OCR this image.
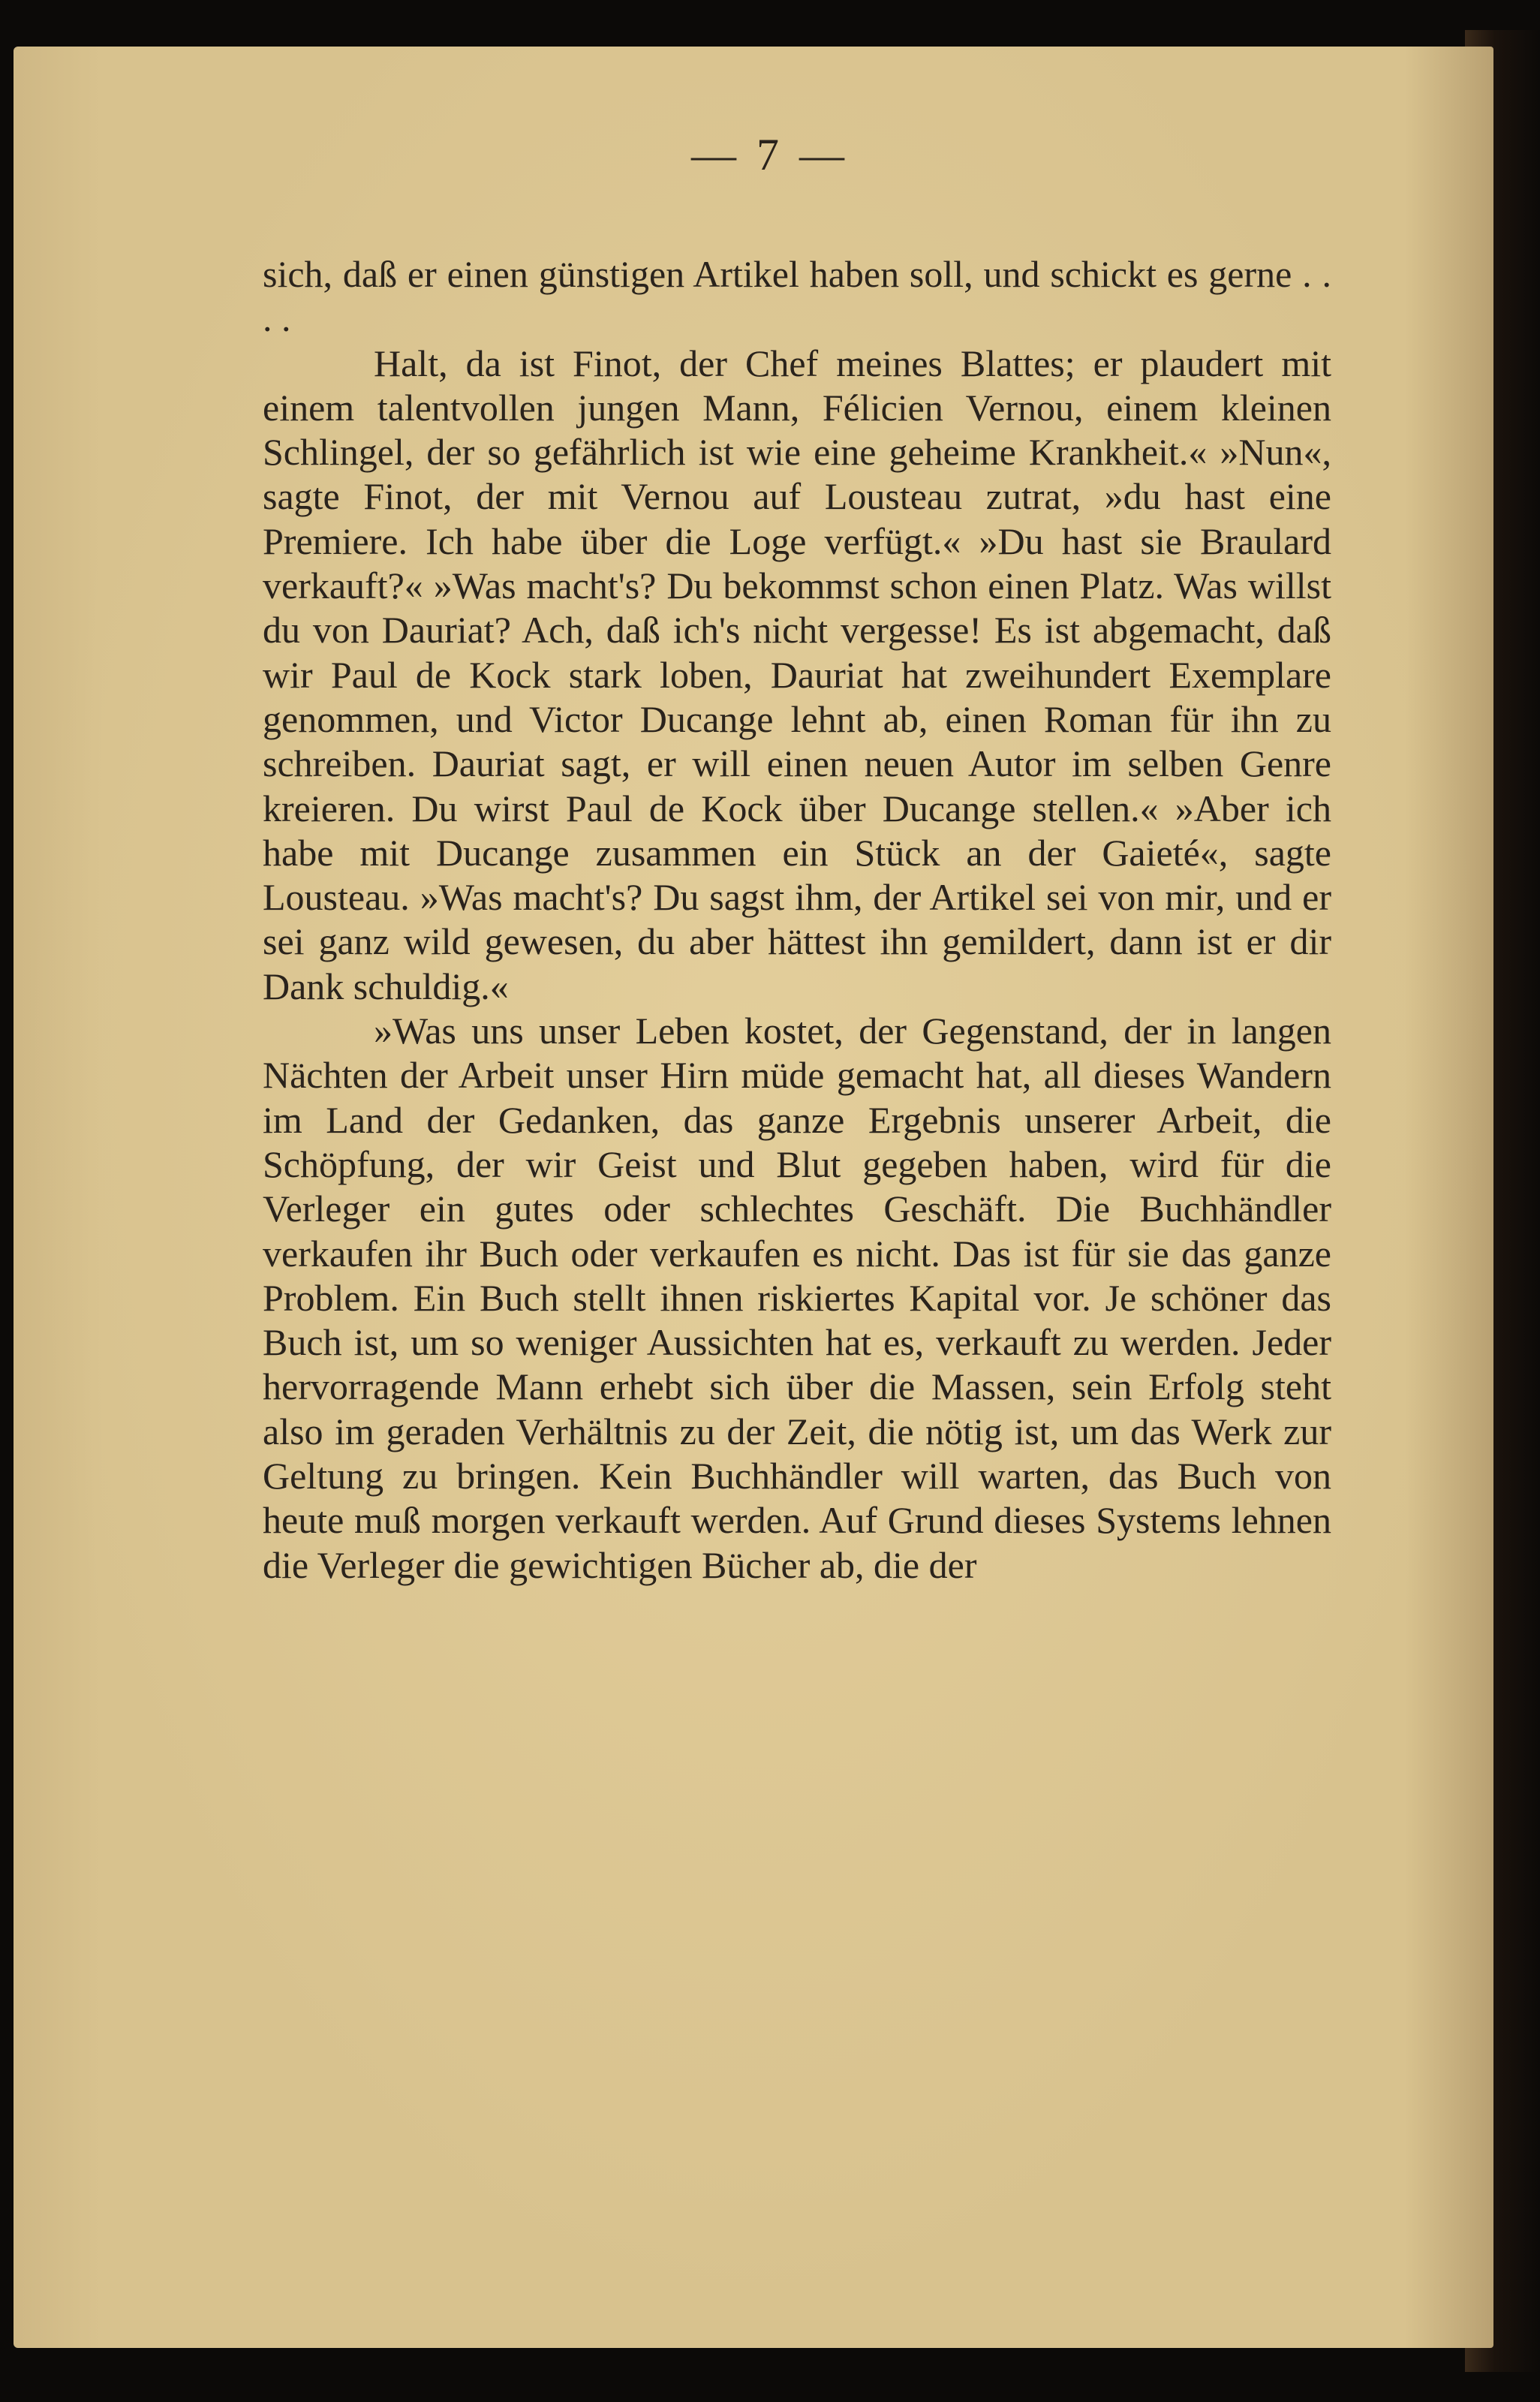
— 7 —

sich, daß er einen günstigen Artikel haben soll, und schickt es gerne . . . .

Halt, da ist Finot, der Chef meines Blattes; er plaudert mit einem talentvollen jungen Mann, Félicien Vernou, einem kleinen Schlingel, der so gefährlich ist wie eine geheime Krankheit.« »Nun«, sagte Finot, der mit Vernou auf Lousteau zutrat, »du hast eine Premiere. Ich habe über die Loge verfügt.« »Du hast sie Braulard verkauft?« »Was macht's? Du bekommst schon einen Platz. Was willst du von Dauriat? Ach, daß ich's nicht vergesse! Es ist abgemacht, daß wir Paul de Kock stark loben, Dauriat hat zweihundert Exemplare genommen, und Victor Ducange lehnt ab, einen Roman für ihn zu schreiben. Dauriat sagt, er will einen neuen Autor im selben Genre kreieren. Du wirst Paul de Kock über Ducange stellen.« »Aber ich habe mit Ducange zusammen ein Stück an der Gaieté«, sagte Lousteau. »Was macht's? Du sagst ihm, der Artikel sei von mir, und er sei ganz wild gewesen, du aber hättest ihn gemildert, dann ist er dir Dank schuldig.«

»Was uns unser Leben kostet, der Gegenstand, der in langen Nächten der Arbeit unser Hirn müde gemacht hat, all dieses Wandern im Land der Gedanken, das ganze Ergebnis unserer Arbeit, die Schöpfung, der wir Geist und Blut gegeben haben, wird für die Verleger ein gutes oder schlechtes Geschäft. Die Buchhändler verkaufen ihr Buch oder verkaufen es nicht. Das ist für sie das ganze Problem. Ein Buch stellt ihnen riskiertes Kapital vor. Je schöner das Buch ist, um so weniger Aussichten hat es, verkauft zu werden. Jeder hervorragende Mann erhebt sich über die Massen, sein Erfolg steht also im geraden Verhältnis zu der Zeit, die nötig ist, um das Werk zur Geltung zu bringen. Kein Buchhändler will warten, das Buch von heute muß morgen verkauft werden. Auf Grund dieses Systems lehnen die Verleger die gewichtigen Bücher ab, die der
